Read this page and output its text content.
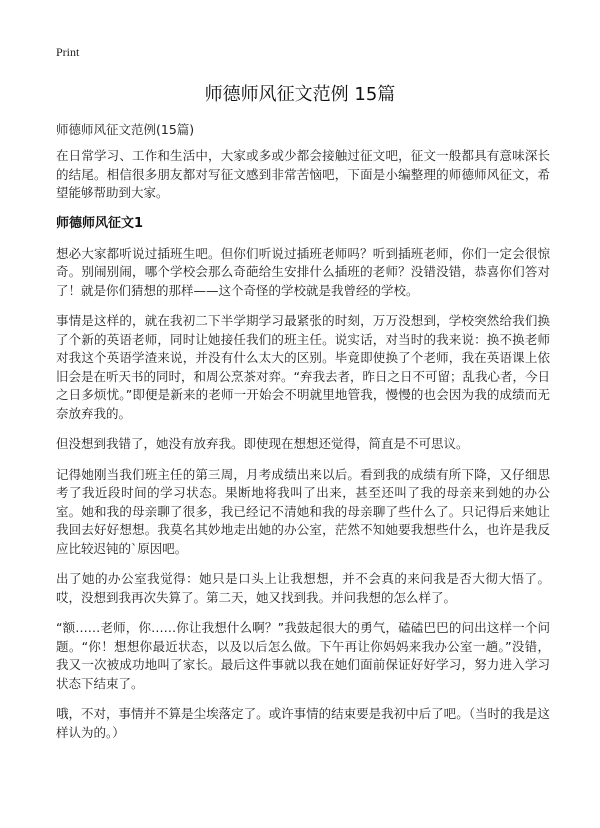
Print
师德师风征文范例 15篇

师德师风征文范例(15篇)

在日常学习、工作和生活中，大家或多或少都会接触过征文吧，征文一般都具有意味深长的结尾。相信很多朋友都对写征文感到非常苦恼吧，下面是小编整理的师德师风征文，希望能够帮助到大家。

师德师风征文1

想必大家都听说过插班生吧。但你们听说过插班老师吗？听到插班老师，你们一定会很惊奇。别闹别闹，哪个学校会那么奇葩给生安排什么插班的老师？没错没错，恭喜你们答对了！就是你们猜想的那样——这个奇怪的学校就是我曾经的学校。

事情是这样的，就在我初二下半学期学习最紧张的时刻，万万没想到，学校突然给我们换了个新的英语老师，同时让她接任我们的班主任。说实话，对当时的我来说：换不换老师对我这个英语学渣来说，并没有什么太大的区别。毕竟即使换了个老师，我在英语课上依旧会是在听天书的同时，和周公烹茶对弈。“弃我去者，昨日之日不可留；乱我心者，今日之日多烦忧。”即便是新来的老师一开始会不明就里地管我，慢慢的也会因为我的成绩而无奈放弃我的。

但没想到我错了，她没有放弃我。即使现在想想还觉得，简直是不可思议。

记得她刚当我们班主任的第三周，月考成绩出来以后。看到我的成绩有所下降，又仔细思考了我近段时间的学习状态。果断地将我叫了出来，甚至还叫了我的母亲来到她的办公室。她和我的母亲聊了很多，我已经记不清她和我的母亲聊了些什么了。只记得后来她让我回去好好想想。我莫名其妙地走出她的办公室，茫然不知她要我想些什么，也许是我反应比较迟钝的`原因吧。

出了她的办公室我觉得：她只是口头上让我想想，并不会真的来问我是否大彻大悟了。哎，没想到我再次失算了。第二天，她又找到我。并问我想的怎么样了。

“额……老师，你……你让我想什么啊？”我鼓起很大的勇气，磕磕巴巴的问出这样一个问题。“你！想想你最近状态，以及以后怎么做。下午再让你妈妈来我办公室一趟。”没错，我又一次被成功地叫了家长。最后这件事就以我在她们面前保证好好学习，努力进入学习状态下结束了。

哦，不对，事情并不算是尘埃落定了。或许事情的结束要是我初中后了吧。（当时的我是这样认为的。）
